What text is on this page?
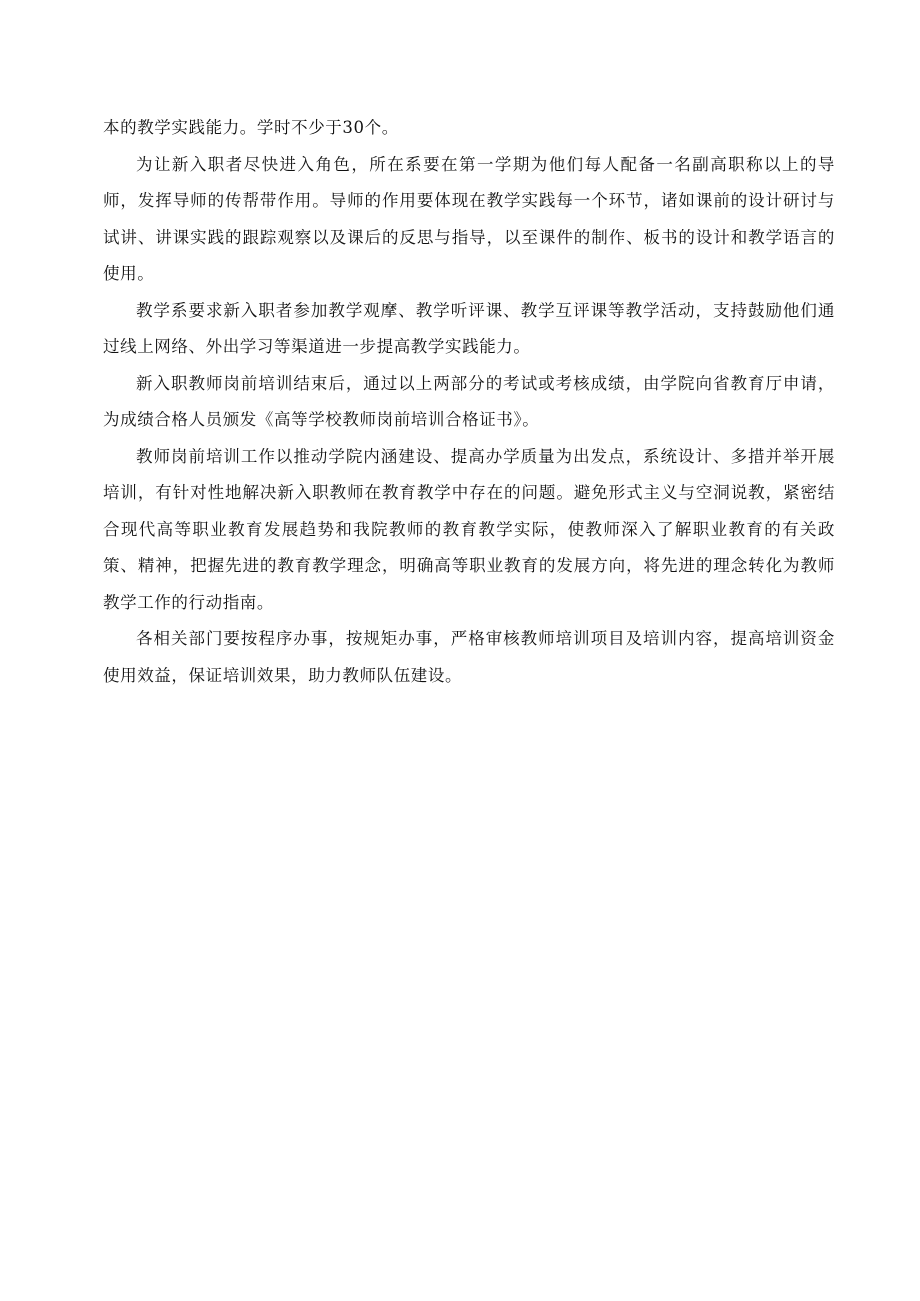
本的教学实践能力。学时不少于30个。

为让新入职者尽快进入角色，所在系要在第一学期为他们每人配备一名副高职称以上的导师，发挥导师的传帮带作用。导师的作用要体现在教学实践每一个环节，诸如课前的设计研讨与试讲、讲课实践的跟踪观察以及课后的反思与指导，以至课件的制作、板书的设计和教学语言的使用。

教学系要求新入职者参加教学观摩、教学听评课、教学互评课等教学活动，支持鼓励他们通过线上网络、外出学习等渠道进一步提高教学实践能力。

新入职教师岗前培训结束后，通过以上两部分的考试或考核成绩，由学院向省教育厅申请，为成绩合格人员颁发《高等学校教师岗前培训合格证书》。

教师岗前培训工作以推动学院内涵建设、提高办学质量为出发点，系统设计、多措并举开展培训，有针对性地解决新入职教师在教育教学中存在的问题。避免形式主义与空洞说教，紧密结合现代高等职业教育发展趋势和我院教师的教育教学实际，使教师深入了解职业教育的有关政策、精神，把握先进的教育教学理念，明确高等职业教育的发展方向，将先进的理念转化为教师教学工作的行动指南。

各相关部门要按程序办事，按规矩办事，严格审核教师培训项目及培训内容，提高培训资金使用效益，保证培训效果，助力教师队伍建设。
